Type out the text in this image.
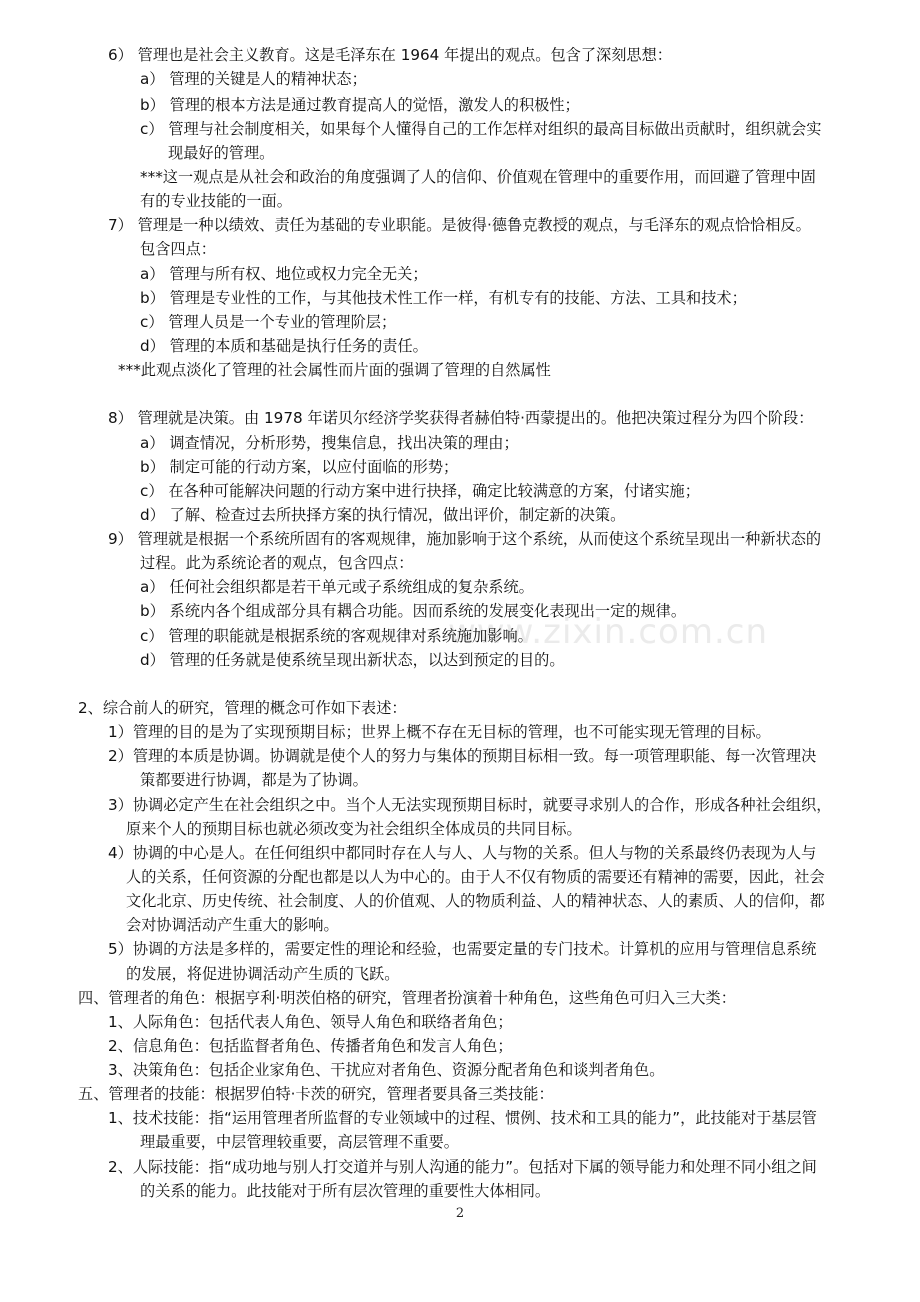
www.zixin.com.cn
6） 管理也是社会主义教育。这是毛泽东在 1964 年提出的观点。包含了深刻思想：
a） 管理的关键是人的精神状态；
b） 管理的根本方法是通过教育提高人的觉悟，激发人的积极性；
c） 管理与社会制度相关，如果每个人懂得自己的工作怎样对组织的最高目标做出贡献时，组织就会实
现最好的管理。
***这一观点是从社会和政治的角度强调了人的信仰、价值观在管理中的重要作用，而回避了管理中固
有的专业技能的一面。
7） 管理是一种以绩效、责任为基础的专业职能。是彼得·德鲁克教授的观点，与毛泽东的观点恰恰相反。
包含四点：
a） 管理与所有权、地位或权力完全无关；
b） 管理是专业性的工作，与其他技术性工作一样，有机专有的技能、方法、工具和技术；
c） 管理人员是一个专业的管理阶层；
d） 管理的本质和基础是执行任务的责任。
***此观点淡化了管理的社会属性而片面的强调了管理的自然属性
8） 管理就是决策。由 1978 年诺贝尔经济学奖获得者赫伯特·西蒙提出的。他把决策过程分为四个阶段：
a） 调查情况，分析形势，搜集信息，找出决策的理由；
b） 制定可能的行动方案，以应付面临的形势；
c） 在各种可能解决问题的行动方案中进行抉择，确定比较满意的方案，付诸实施；
d） 了解、检查过去所抉择方案的执行情况，做出评价，制定新的决策。
9） 管理就是根据一个系统所固有的客观规律，施加影响于这个系统，从而使这个系统呈现出一种新状态的
过程。此为系统论者的观点，包含四点：
a） 任何社会组织都是若干单元或子系统组成的复杂系统。
b） 系统内各个组成部分具有耦合功能。因而系统的发展变化表现出一定的规律。
c） 管理的职能就是根据系统的客观规律对系统施加影响。
d） 管理的任务就是使系统呈现出新状态，以达到预定的目的。
2、综合前人的研究，管理的概念可作如下表述：
1）管理的目的是为了实现预期目标；世界上概不存在无目标的管理，也不可能实现无管理的目标。
2）管理的本质是协调。协调就是使个人的努力与集体的预期目标相一致。每一项管理职能、每一次管理决
策都要进行协调，都是为了协调。
3）协调必定产生在社会组织之中。当个人无法实现预期目标时，就要寻求别人的合作，形成各种社会组织，
原来个人的预期目标也就必须改变为社会组织全体成员的共同目标。
4）协调的中心是人。在任何组织中都同时存在人与人、人与物的关系。但人与物的关系最终仍表现为人与
人的关系，任何资源的分配也都是以人为中心的。由于人不仅有物质的需要还有精神的需要，因此，社会
文化北京、历史传统、社会制度、人的价值观、人的物质利益、人的精神状态、人的素质、人的信仰，都
会对协调活动产生重大的影响。
5）协调的方法是多样的，需要定性的理论和经验，也需要定量的专门技术。计算机的应用与管理信息系统
的发展，将促进协调活动产生质的飞跃。
四、管理者的角色：根据亨利·明茨伯格的研究，管理者扮演着十种角色，这些角色可归入三大类：
1、人际角色：包括代表人角色、领导人角色和联络者角色；
2、信息角色：包括监督者角色、传播者角色和发言人角色；
3、决策角色：包括企业家角色、干扰应对者角色、资源分配者角色和谈判者角色。
五、管理者的技能：根据罗伯特·卡茨的研究，管理者要具备三类技能：
1、技术技能：指“运用管理者所监督的专业领域中的过程、惯例、技术和工具的能力”，此技能对于基层管
理最重要，中层管理较重要，高层管理不重要。
2、人际技能：指“成功地与别人打交道并与别人沟通的能力”。包括对下属的领导能力和处理不同小组之间
的关系的能力。此技能对于所有层次管理的重要性大体相同。
2
